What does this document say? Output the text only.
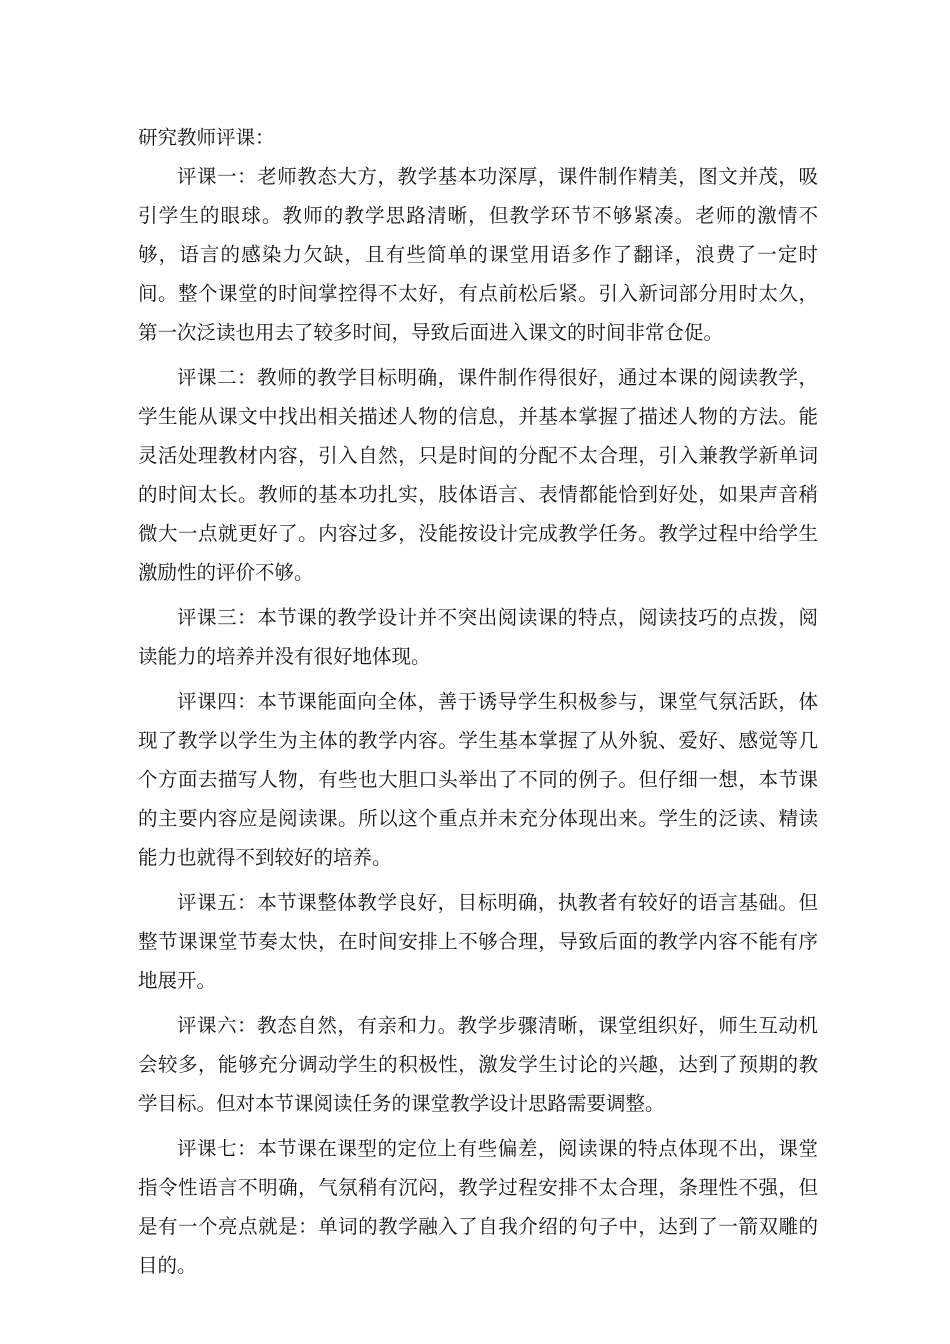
研究教师评课：

评课一：老师教态大方，教学基本功深厚，课件制作精美，图文并茂，吸引学生的眼球。教师的教学思路清晰，但教学环节不够紧凑。老师的激情不够，语言的感染力欠缺，且有些简单的课堂用语多作了翻译，浪费了一定时间。整个课堂的时间掌控得不太好，有点前松后紧。引入新词部分用时太久，第一次泛读也用去了较多时间，导致后面进入课文的时间非常仓促。

评课二：教师的教学目标明确，课件制作得很好，通过本课的阅读教学，学生能从课文中找出相关描述人物的信息，并基本掌握了描述人物的方法。能灵活处理教材内容，引入自然，只是时间的分配不太合理，引入兼教学新单词的时间太长。教师的基本功扎实，肢体语言、表情都能恰到好处，如果声音稍微大一点就更好了。内容过多，没能按设计完成教学任务。教学过程中给学生激励性的评价不够。

评课三：本节课的教学设计并不突出阅读课的特点，阅读技巧的点拨，阅读能力的培养并没有很好地体现。

评课四：本节课能面向全体，善于诱导学生积极参与，课堂气氛活跃，体现了教学以学生为主体的教学内容。学生基本掌握了从外貌、爱好、感觉等几个方面去描写人物，有些也大胆口头举出了不同的例子。但仔细一想，本节课的主要内容应是阅读课。所以这个重点并未充分体现出来。学生的泛读、精读能力也就得不到较好的培养。

评课五：本节课整体教学良好，目标明确，执教者有较好的语言基础。但整节课课堂节奏太快，在时间安排上不够合理，导致后面的教学内容不能有序地展开。

评课六：教态自然，有亲和力。教学步骤清晰，课堂组织好，师生互动机会较多，能够充分调动学生的积极性，激发学生讨论的兴趣，达到了预期的教学目标。但对本节课阅读任务的课堂教学设计思路需要调整。

评课七：本节课在课型的定位上有些偏差，阅读课的特点体现不出，课堂指令性语言不明确，气氛稍有沉闷，教学过程安排不太合理，条理性不强，但是有一个亮点就是：单词的教学融入了自我介绍的句子中，达到了一箭双雕的目的。
